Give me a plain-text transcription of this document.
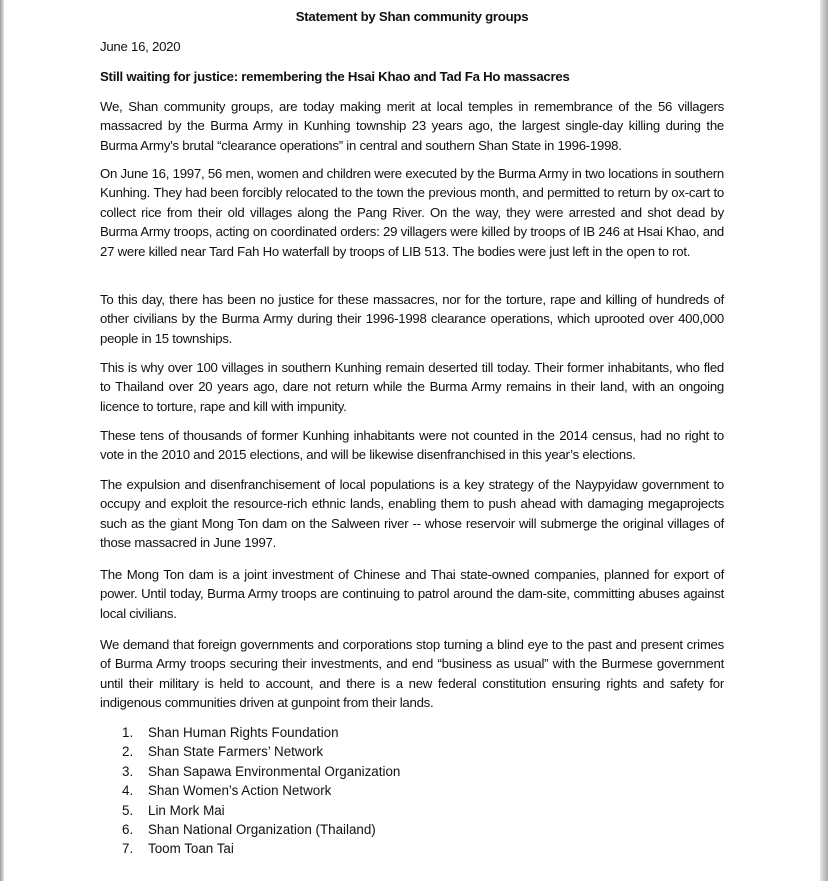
Statement by Shan community groups
June 16, 2020
Still waiting for justice: remembering the Hsai Khao and Tad Fa Ho massacres

We, Shan community groups, are today making merit at local temples in remembrance of the 56 villagers massacred by the Burma Army in Kunhing township 23 years ago, the largest single-day killing during the Burma Army’s brutal “clearance operations” in central and southern Shan State in 1996-1998.

On June 16, 1997, 56 men, women and children were executed by the Burma Army in two locations in southern Kunhing. They had been forcibly relocated to the town the previous month, and permitted to return by ox-cart to collect rice from their old villages along the Pang River. On the way, they were arrested and shot dead by Burma Army troops, acting on coordinated orders: 29 villagers were killed by troops of IB 246 at Hsai Khao, and 27 were killed near Tard Fah Ho waterfall by troops of LIB 513. The bodies were just left in the open to rot.

To this day, there has been no justice for these massacres, nor for the torture, rape and killing of hundreds of other civilians by the Burma Army during their 1996-1998 clearance operations, which uprooted over 400,000 people in 15 townships.

This is why over 100 villages in southern Kunhing remain deserted till today. Their former inhabitants, who fled to Thailand over 20 years ago, dare not return while the Burma Army remains in their land, with an ongoing licence to torture, rape and kill with impunity.

These tens of thousands of former Kunhing inhabitants were not counted in the 2014 census, had no right to vote in the 2010 and 2015 elections, and will be likewise disenfranchised in this year’s elections.

The expulsion and disenfranchisement of local populations is a key strategy of the Naypyidaw government to occupy and exploit the resource-rich ethnic lands, enabling them to push ahead with damaging megaprojects such as the giant Mong Ton dam on the Salween river -- whose reservoir will submerge the original villages of those massacred in June 1997.

The Mong Ton dam is a joint investment of Chinese and Thai state-owned companies, planned for export of power. Until today, Burma Army troops are continuing to patrol around the dam-site, committing abuses against local civilians.

We demand that foreign governments and corporations stop turning a blind eye to the past and present crimes of Burma Army troops securing their investments, and end “business as usual” with the Burmese government until their military is held to account, and there is a new federal constitution ensuring rights and safety for indigenous communities driven at gunpoint from their lands.

1.	Shan Human Rights Foundation
2.	Shan State Farmers’ Network
3.	Shan Sapawa Environmental Organization
4.	Shan Women’s Action Network
5.	Lin Mork Mai
6.	Shan National Organization (Thailand)
7.	Toom Toan Tai
